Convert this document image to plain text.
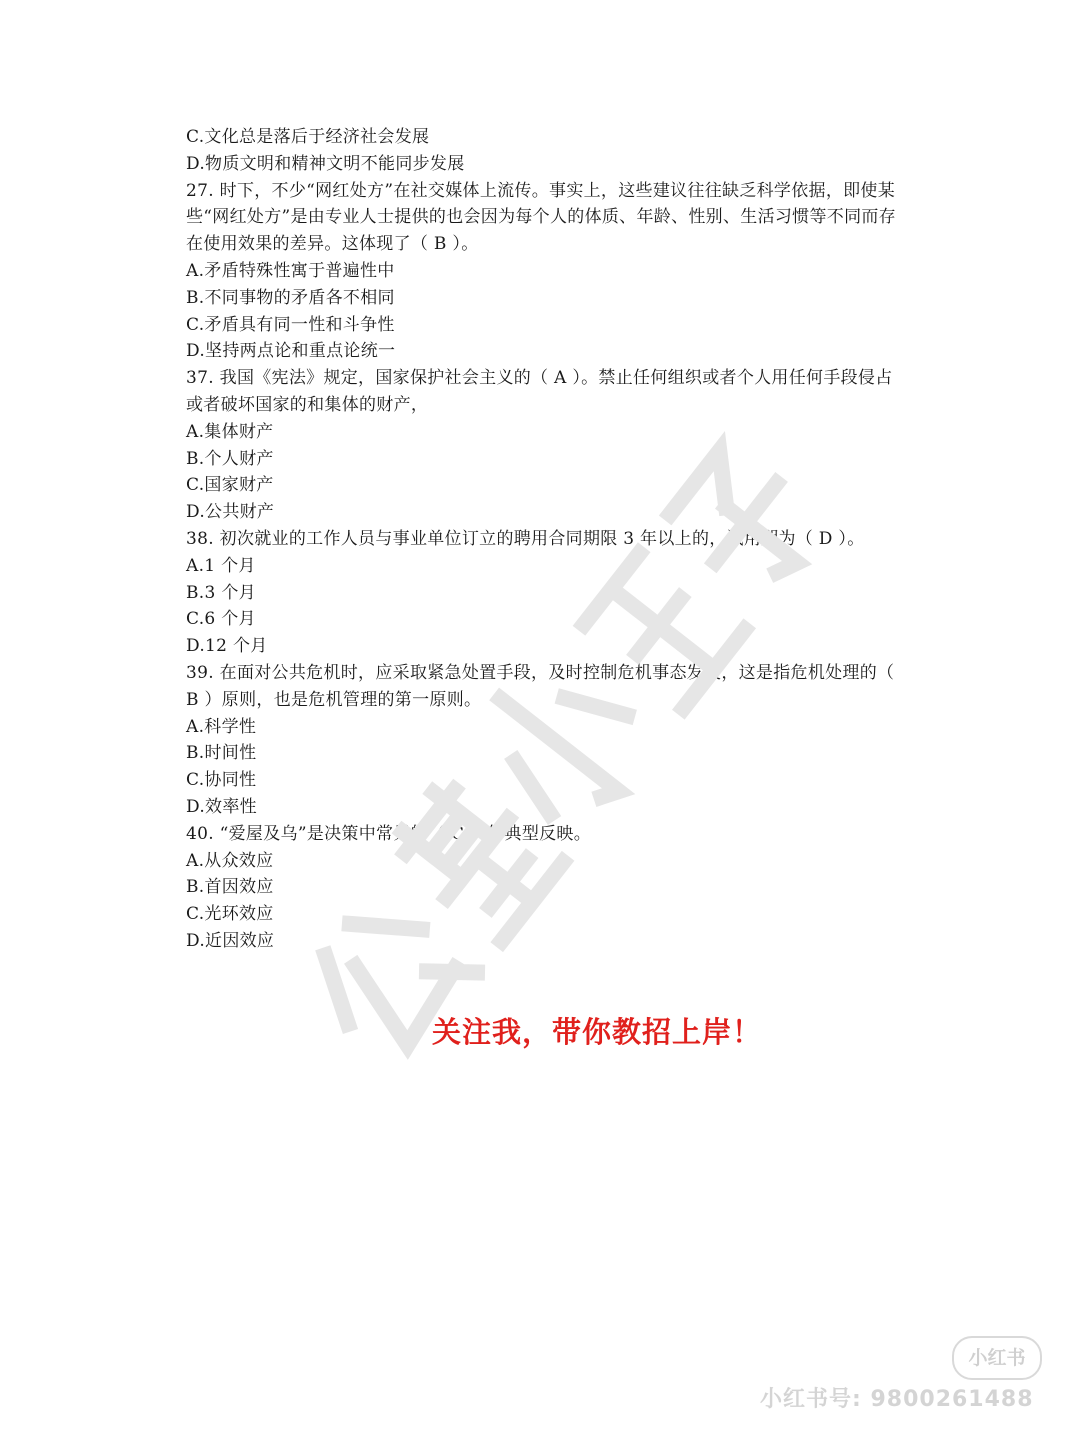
C.文化总是落后于经济社会发展
D.物质文明和精神文明不能同步发展
27. 时下，不少“网红处方”在社交媒体上流传。事实上，这些建议往往缺乏科学依据，即使某些“网红处方”是由专业人士提供的也会因为每个人的体质、年龄、性别、生活习惯等不同而存在使用效果的差异。这体现了（ B ）。
A.矛盾特殊性寓于普遍性中
B.不同事物的矛盾各不相同
C.矛盾具有同一性和斗争性
D.坚持两点论和重点论统一
37. 我国《宪法》规定，国家保护社会主义的（ A ）。禁止任何组织或者个人用任何手段侵占或者破坏国家的和集体的财产，
A.集体财产
B.个人财产
C.国家财产
D.公共财产
38. 初次就业的工作人员与事业单位订立的聘用合同期限 3 年以上的，试用期为（ D ）。
A.1 个月
B.3 个月
C.6 个月
D.12 个月
39. 在面对公共危机时，应采取紧急处置手段，及时控制危机事态发展，这是指危机处理的（ B ）原则，也是危机管理的第一原则。
A.科学性
B.时间性
C.协同性
D.效率性
40. “爱屋及乌”是决策中常见的（ C ）的典型反映。
A.从众效应
B.首因效应
C.光环效应
D.近因效应
关注我，带你教招上岸！
小红书
小红书号: 9800261488
